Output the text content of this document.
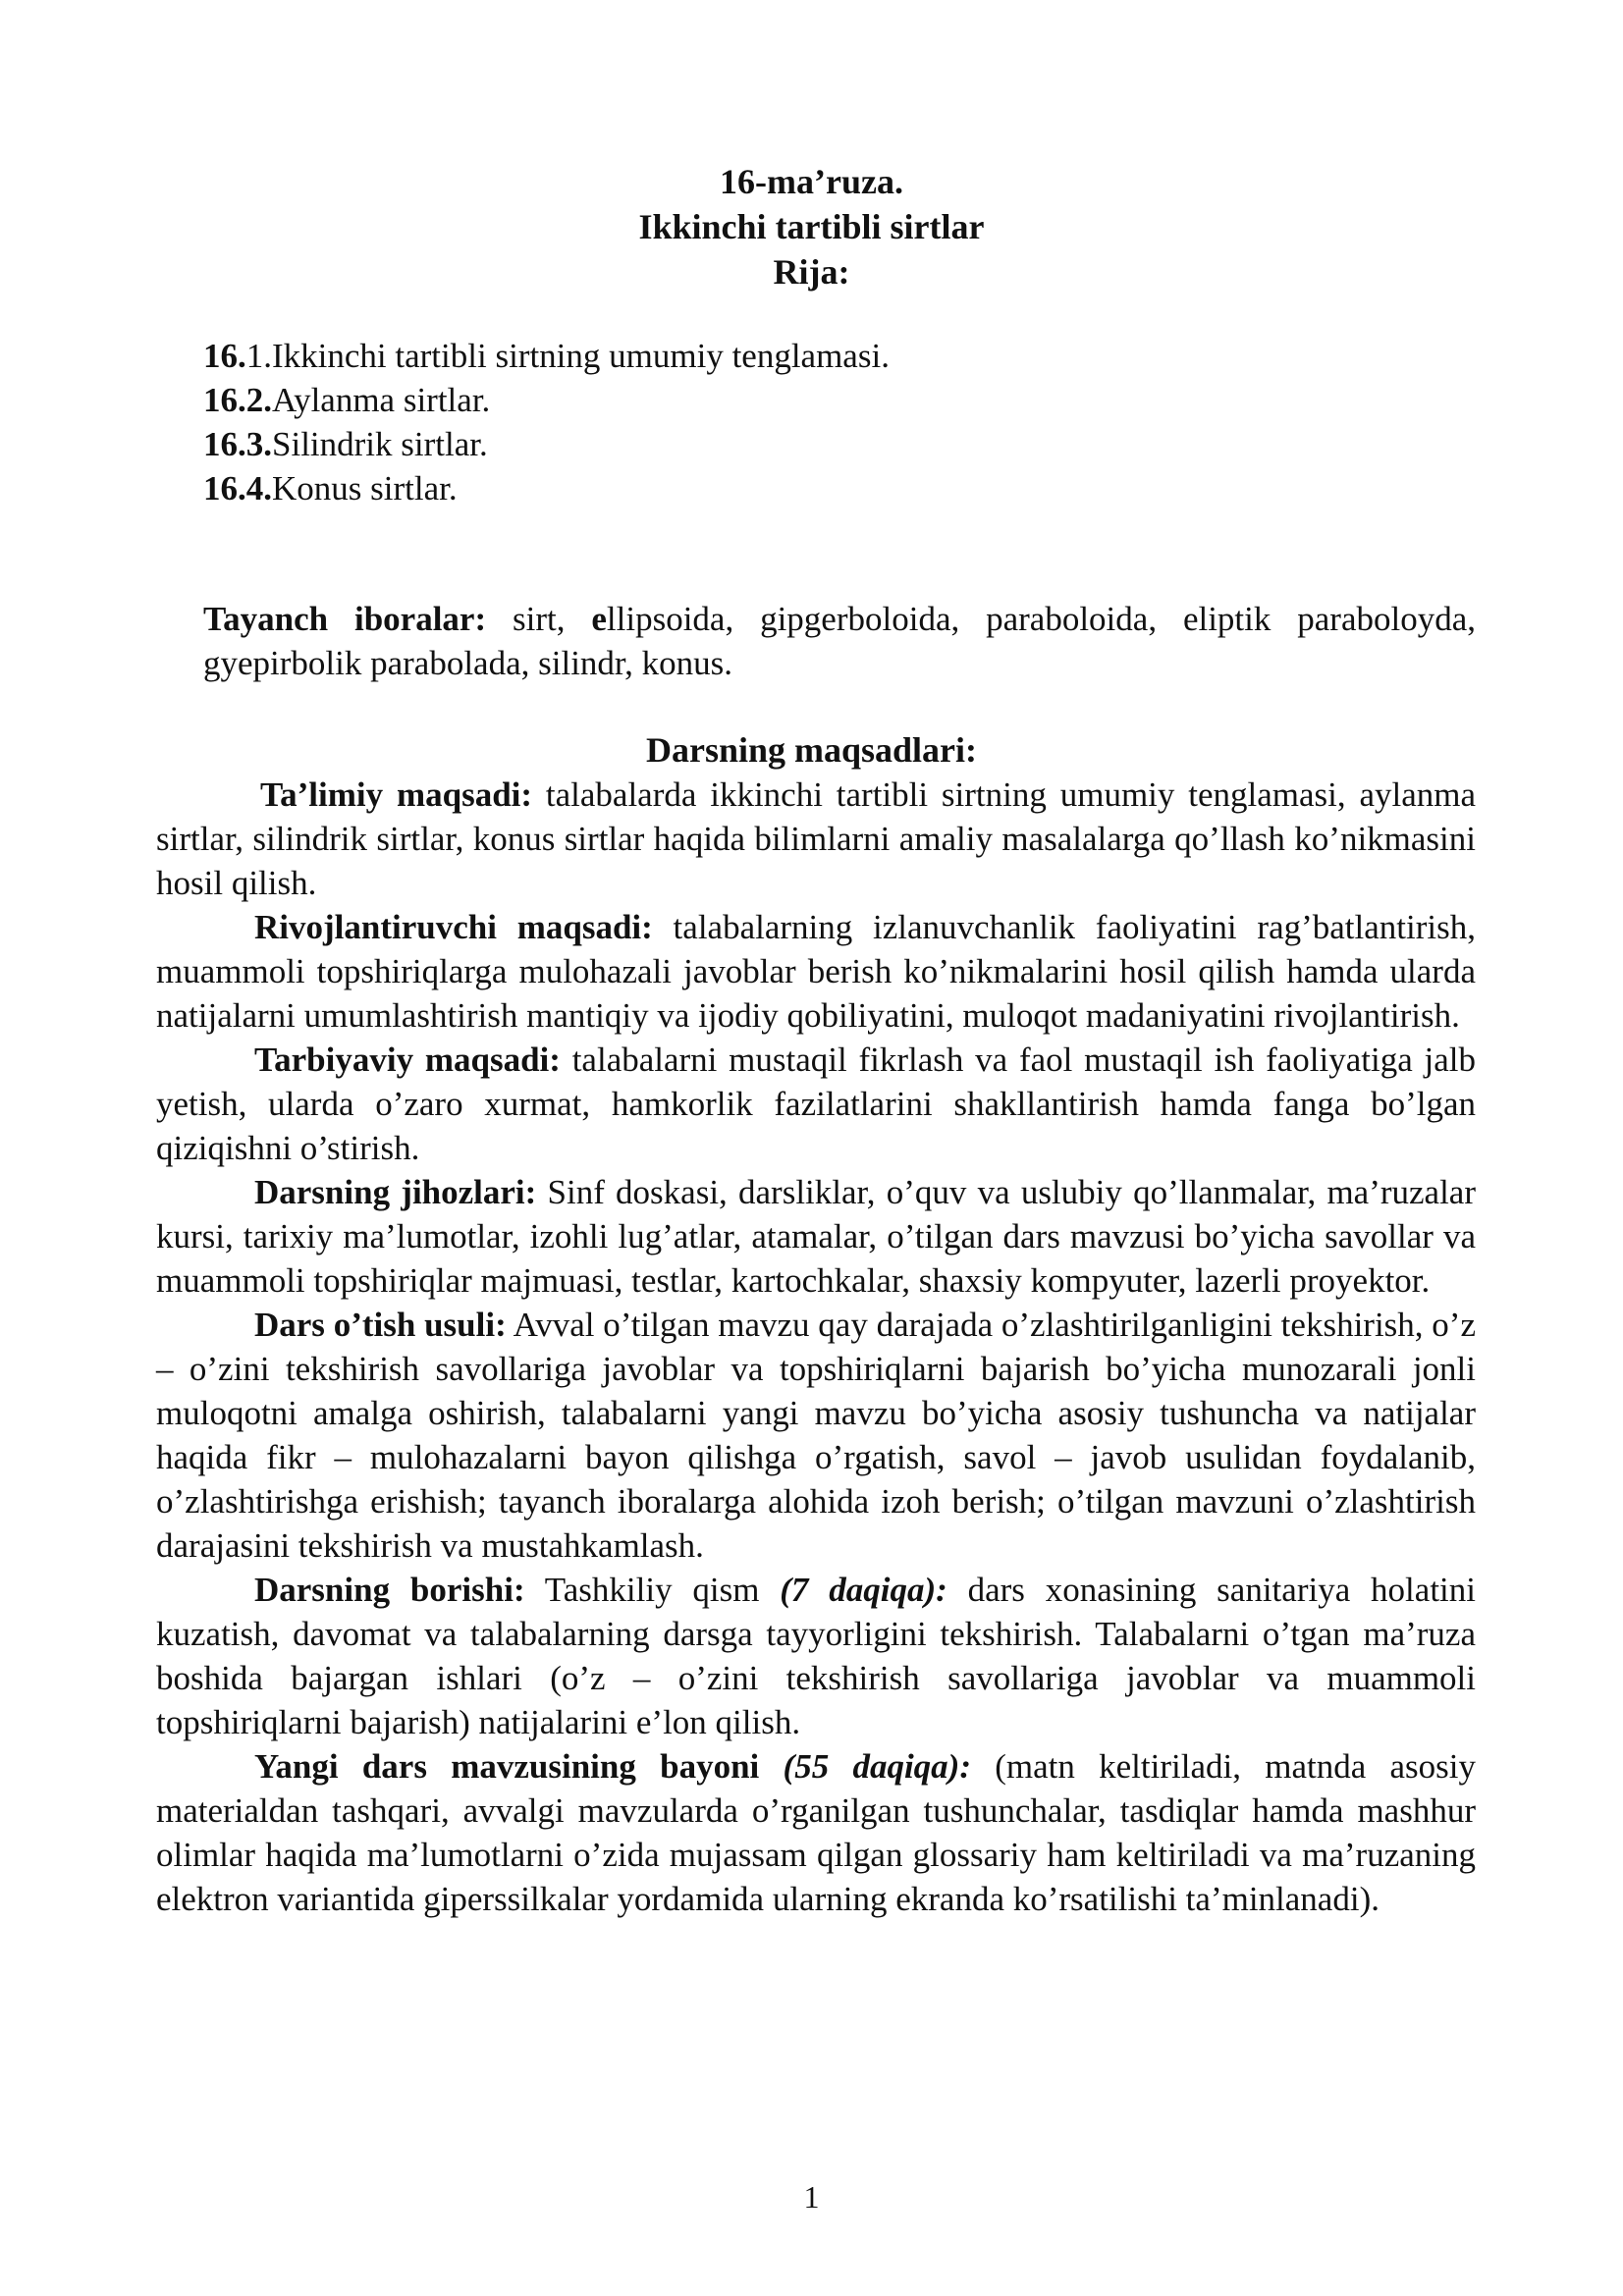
16-ma’ruza.
Ikkinchi tartibli sirtlar
Rija:
16.1.Ikkinchi tartibli sirtning umumiy tenglamasi.
16.2.Aylanma sirtlar.
16.3.Silindrik sirtlar.
16.4.Konus sirtlar.
Tayanch iboralar: sirt, ellipsoida, gipgerboloida, paraboloida, eliptik paraboloyda, gyepirbolik parabolada, silindr, konus.
Darsning maqsadlari:

Ta’limiy maqsadi: talabalarda ikkinchi tartibli sirtning umumiy tenglamasi, aylanma sirtlar, silindrik sirtlar, konus sirtlar haqida bilimlarni amaliy masalalarga qo’llash ko’nikmasini hosil qilish.

Rivojlantiruvchi maqsadi: talabalarning izlanuvchanlik faoliyatini rag’batlantirish, muammoli topshiriqlarga mulohazali javoblar berish ko’nikmalarini hosil qilish hamda ularda natijalarni umumlashtirish mantiqiy va ijodiy qobiliyatini, muloqot madaniyatini rivojlantirish.

Tarbiyaviy maqsadi: talabalarni mustaqil fikrlash va faol mustaqil ish faoliyatiga jalb yetish, ularda o’zaro xurmat, hamkorlik fazilatlarini shakllantirish hamda fanga bo’lgan qiziqishni o’stirish.

Darsning jihozlari: Sinf doskasi, darsliklar, o’quv va uslubiy qo’llanmalar, ma’ruzalar kursi, tarixiy ma’lumotlar, izohli lug’atlar, atamalar, o’tilgan dars mavzusi bo’yicha savollar va muammoli topshiriqlar majmuasi, testlar, kartochkalar, shaxsiy kompyuter, lazerli proyektor.

Dars o’tish usuli: Avval o’tilgan mavzu qay darajada o’zlashtirilganligini tekshirish, o’z – o’zini tekshirish savollariga javoblar va topshiriqlarni bajarish bo’yicha munozarali jonli muloqotni amalga oshirish, talabalarni yangi mavzu bo’yicha asosiy tushuncha va natijalar haqida fikr – mulohazalarni bayon qilishga o’rgatish, savol – javob usulidan foydalanib, o’zlashtirishga erishish; tayanch iboralarga alohida izoh berish; o’tilgan mavzuni o’zlashtirish darajasini tekshirish va mustahkamlash.

Darsning borishi: Tashkiliy qism (7 daqiqa): dars xonasining sanitariya holatini kuzatish, davomat va talabalarning darsga tayyorligini tekshirish. Talabalarni o’tgan ma’ruza boshida bajargan ishlari (o’z – o’zini tekshirish savollariga javoblar va muammoli topshiriqlarni bajarish) natijalarini e’lon qilish.

Yangi dars mavzusining bayoni (55 daqiqa): (matn keltiriladi, matnda asosiy materialdan tashqari, avvalgi mavzularda o’rganilgan tushunchalar, tasdiqlar hamda mashhur olimlar haqida ma’lumotlarni o’zida mujassam qilgan glossariy ham keltiriladi va ma’ruzaning elektron variantida giperssilkalar yordamida ularning ekranda ko’rsatilishi ta’minlanadi).

1
